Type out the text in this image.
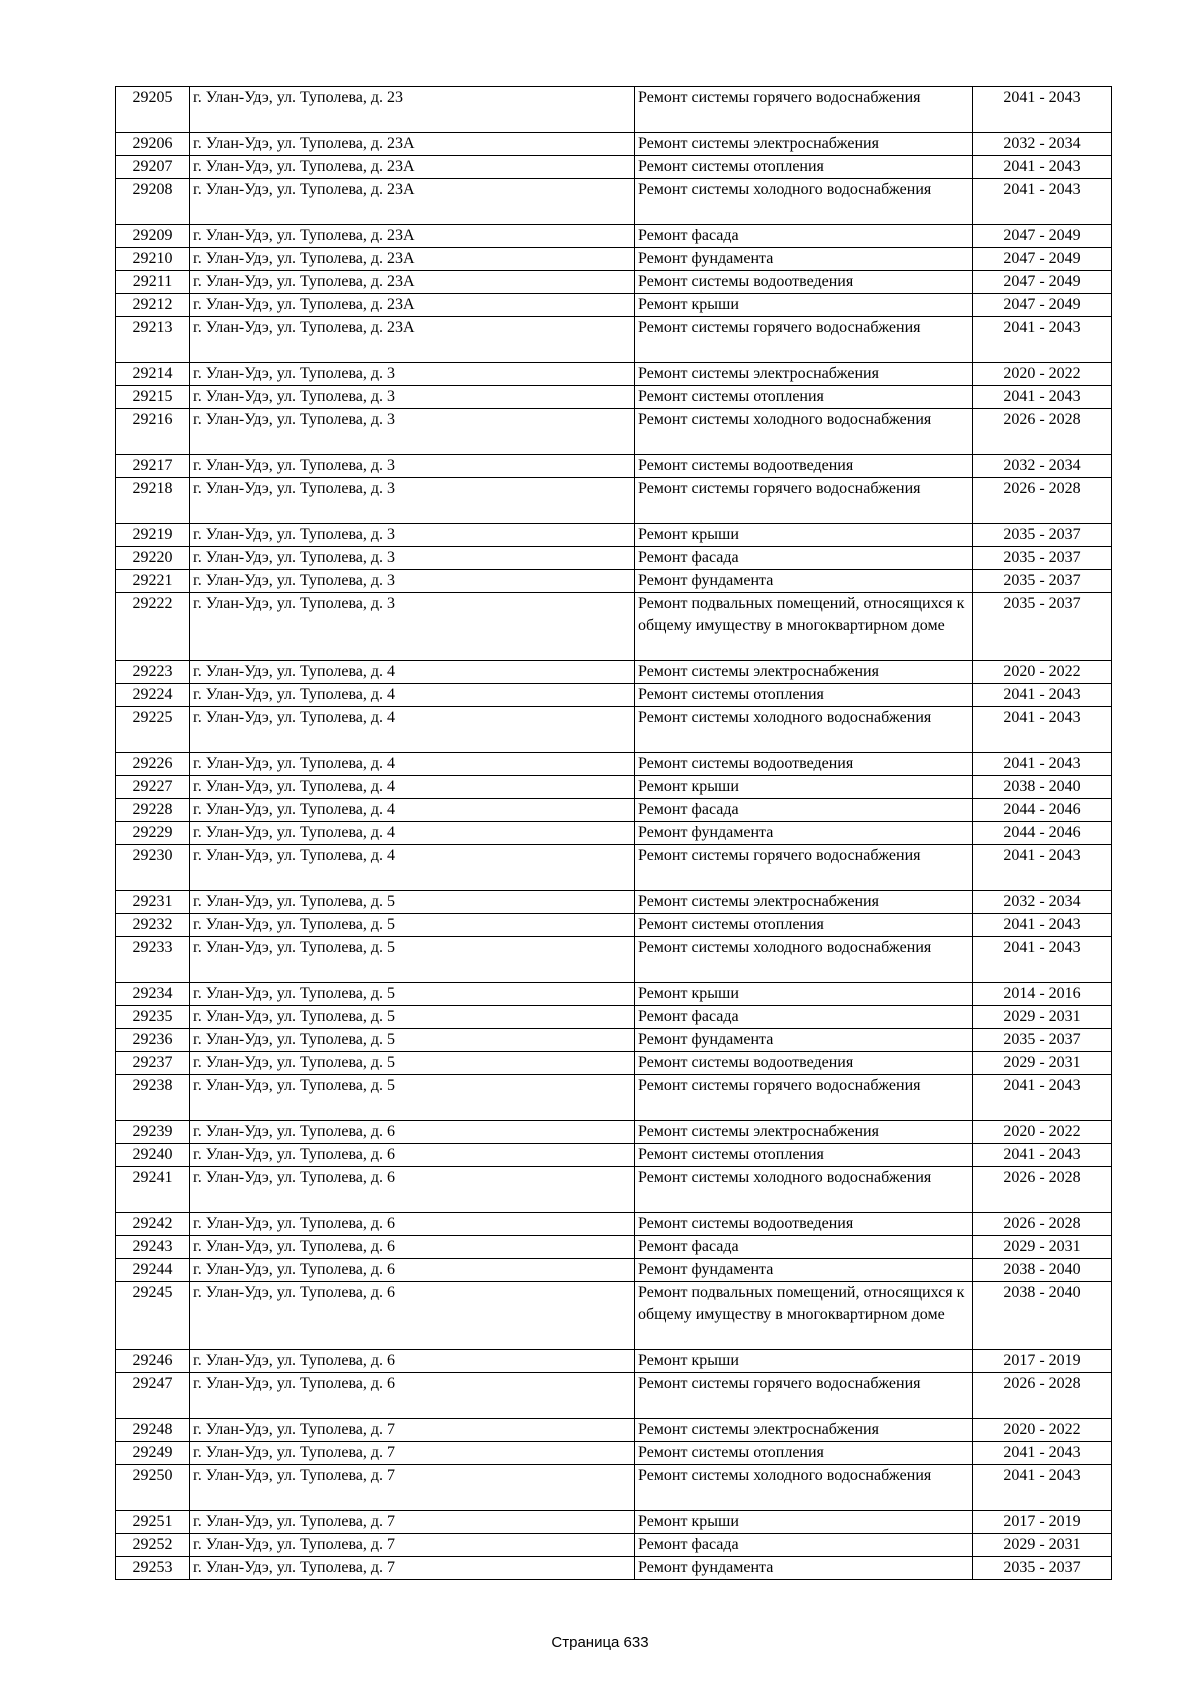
29205	г. Улан-Удэ, ул. Туполева, д. 23	Ремонт системы горячего водоснабжения	2041 - 2043
29206	г. Улан-Удэ, ул. Туполева, д. 23А	Ремонт системы электроснабжения	2032 - 2034
29207	г. Улан-Удэ, ул. Туполева, д. 23А	Ремонт системы отопления	2041 - 2043
29208	г. Улан-Удэ, ул. Туполева, д. 23А	Ремонт системы холодного водоснабжения	2041 - 2043
29209	г. Улан-Удэ, ул. Туполева, д. 23А	Ремонт фасада	2047 - 2049
29210	г. Улан-Удэ, ул. Туполева, д. 23А	Ремонт фундамента	2047 - 2049
29211	г. Улан-Удэ, ул. Туполева, д. 23А	Ремонт системы водоотведения	2047 - 2049
29212	г. Улан-Удэ, ул. Туполева, д. 23А	Ремонт крыши	2047 - 2049
29213	г. Улан-Удэ, ул. Туполева, д. 23А	Ремонт системы горячего водоснабжения	2041 - 2043
29214	г. Улан-Удэ, ул. Туполева, д. 3	Ремонт системы электроснабжения	2020 - 2022
29215	г. Улан-Удэ, ул. Туполева, д. 3	Ремонт системы отопления	2041 - 2043
29216	г. Улан-Удэ, ул. Туполева, д. 3	Ремонт системы холодного водоснабжения	2026 - 2028
29217	г. Улан-Удэ, ул. Туполева, д. 3	Ремонт системы водоотведения	2032 - 2034
29218	г. Улан-Удэ, ул. Туполева, д. 3	Ремонт системы горячего водоснабжения	2026 - 2028
29219	г. Улан-Удэ, ул. Туполева, д. 3	Ремонт крыши	2035 - 2037
29220	г. Улан-Удэ, ул. Туполева, д. 3	Ремонт фасада	2035 - 2037
29221	г. Улан-Удэ, ул. Туполева, д. 3	Ремонт фундамента	2035 - 2037
29222	г. Улан-Удэ, ул. Туполева, д. 3	Ремонт подвальных помещений, относящихся к общему имуществу в многоквартирном доме	2035 - 2037
29223	г. Улан-Удэ, ул. Туполева, д. 4	Ремонт системы электроснабжения	2020 - 2022
29224	г. Улан-Удэ, ул. Туполева, д. 4	Ремонт системы отопления	2041 - 2043
29225	г. Улан-Удэ, ул. Туполева, д. 4	Ремонт системы холодного водоснабжения	2041 - 2043
29226	г. Улан-Удэ, ул. Туполева, д. 4	Ремонт системы водоотведения	2041 - 2043
29227	г. Улан-Удэ, ул. Туполева, д. 4	Ремонт крыши	2038 - 2040
29228	г. Улан-Удэ, ул. Туполева, д. 4	Ремонт фасада	2044 - 2046
29229	г. Улан-Удэ, ул. Туполева, д. 4	Ремонт фундамента	2044 - 2046
29230	г. Улан-Удэ, ул. Туполева, д. 4	Ремонт системы горячего водоснабжения	2041 - 2043
29231	г. Улан-Удэ, ул. Туполева, д. 5	Ремонт системы электроснабжения	2032 - 2034
29232	г. Улан-Удэ, ул. Туполева, д. 5	Ремонт системы отопления	2041 - 2043
29233	г. Улан-Удэ, ул. Туполева, д. 5	Ремонт системы холодного водоснабжения	2041 - 2043
29234	г. Улан-Удэ, ул. Туполева, д. 5	Ремонт крыши	2014 - 2016
29235	г. Улан-Удэ, ул. Туполева, д. 5	Ремонт фасада	2029 - 2031
29236	г. Улан-Удэ, ул. Туполева, д. 5	Ремонт фундамента	2035 - 2037
29237	г. Улан-Удэ, ул. Туполева, д. 5	Ремонт системы водоотведения	2029 - 2031
29238	г. Улан-Удэ, ул. Туполева, д. 5	Ремонт системы горячего водоснабжения	2041 - 2043
29239	г. Улан-Удэ, ул. Туполева, д. 6	Ремонт системы электроснабжения	2020 - 2022
29240	г. Улан-Удэ, ул. Туполева, д. 6	Ремонт системы отопления	2041 - 2043
29241	г. Улан-Удэ, ул. Туполева, д. 6	Ремонт системы холодного водоснабжения	2026 - 2028
29242	г. Улан-Удэ, ул. Туполева, д. 6	Ремонт системы водоотведения	2026 - 2028
29243	г. Улан-Удэ, ул. Туполева, д. 6	Ремонт фасада	2029 - 2031
29244	г. Улан-Удэ, ул. Туполева, д. 6	Ремонт фундамента	2038 - 2040
29245	г. Улан-Удэ, ул. Туполева, д. 6	Ремонт подвальных помещений, относящихся к общему имуществу в многоквартирном доме	2038 - 2040
29246	г. Улан-Удэ, ул. Туполева, д. 6	Ремонт крыши	2017 - 2019
29247	г. Улан-Удэ, ул. Туполева, д. 6	Ремонт системы горячего водоснабжения	2026 - 2028
29248	г. Улан-Удэ, ул. Туполева, д. 7	Ремонт системы электроснабжения	2020 - 2022
29249	г. Улан-Удэ, ул. Туполева, д. 7	Ремонт системы отопления	2041 - 2043
29250	г. Улан-Удэ, ул. Туполева, д. 7	Ремонт системы холодного водоснабжения	2041 - 2043
29251	г. Улан-Удэ, ул. Туполева, д. 7	Ремонт крыши	2017 - 2019
29252	г. Улан-Удэ, ул. Туполева, д. 7	Ремонт фасада	2029 - 2031
29253	г. Улан-Удэ, ул. Туполева, д. 7	Ремонт фундамента	2035 - 2037
Страница 633
